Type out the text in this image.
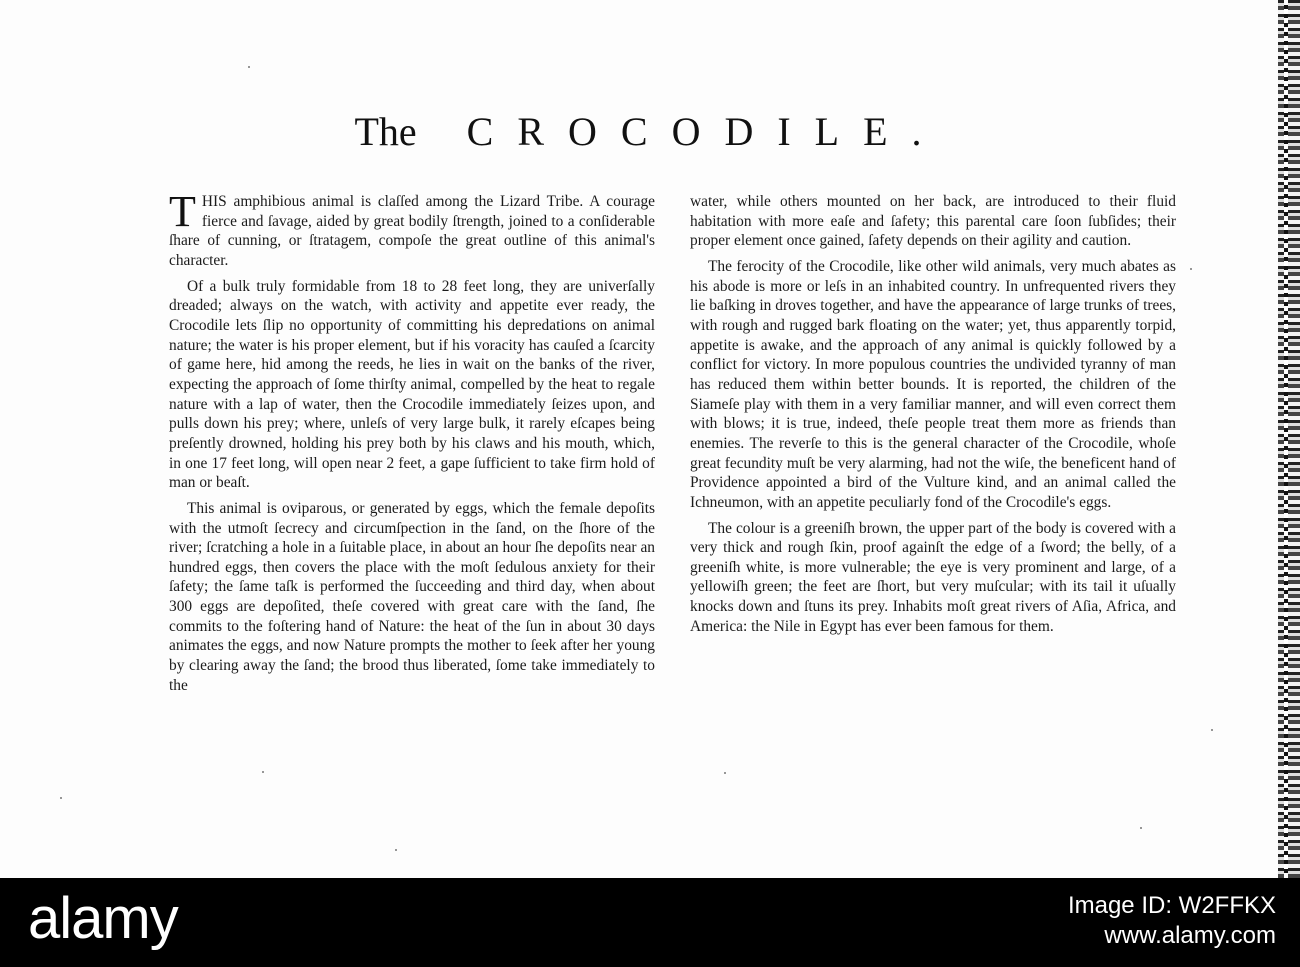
The CROCODILE.

THIS amphibious animal is claſſed among the Lizard Tribe. A courage fierce and ſavage, aided by great bodily ſtrength, joined to a conſiderable ſhare of cunning, or ſtratagem, compoſe the great outline of this animal's character.

Of a bulk truly formidable from 18 to 28 feet long, they are univerſally dreaded; always on the watch, with activity and appetite ever ready, the Crocodile lets ſlip no opportunity of committing his depredations on animal nature; the water is his proper element, but if his voracity has cauſed a ſcarcity of game here, hid among the reeds, he lies in wait on the banks of the river, expecting the approach of ſome thirſty animal, compelled by the heat to regale nature with a lap of water, then the Crocodile immediately ſeizes upon, and pulls down his prey; where, unleſs of very large bulk, it rarely eſcapes being preſently drowned, holding his prey both by his claws and his mouth, which, in one 17 feet long, will open near 2 feet, a gape ſufficient to take firm hold of man or beaſt.

This animal is oviparous, or generated by eggs, which the female depoſits with the utmoſt ſecrecy and circumſpection in the ſand, on the ſhore of the river; ſcratching a hole in a ſuitable place, in about an hour ſhe depoſits near an hundred eggs, then covers the place with the moſt ſedulous anxiety for their ſafety; the ſame taſk is performed the ſucceeding and third day, when about 300 eggs are depoſited, theſe covered with great care with the ſand, ſhe commits to the foſtering hand of Nature: the heat of the ſun in about 30 days animates the eggs, and now Nature prompts the mother to ſeek after her young by clearing away the ſand; the brood thus liberated, ſome take immediately to the

water, while others mounted on her back, are introduced to their fluid habitation with more eaſe and ſafety; this parental care ſoon ſubſides; their proper element once gained, ſafety depends on their agility and caution.

The ferocity of the Crocodile, like other wild animals, very much abates as his abode is more or leſs in an inhabited country. In unfrequented rivers they lie baſking in droves together, and have the appearance of large trunks of trees, with rough and rugged bark floating on the water; yet, thus apparently torpid, appetite is awake, and the approach of any animal is quickly followed by a conflict for victory. In more populous countries the undivided tyranny of man has reduced them within better bounds. It is reported, the children of the Siameſe play with them in a very familiar manner, and will even correct them with blows; it is true, indeed, theſe people treat them more as friends than enemies. The reverſe to this is the general character of the Crocodile, whoſe great fecundity muſt be very alarming, had not the wiſe, the beneficent hand of Providence appointed a bird of the Vulture kind, and an animal called the Ichneumon, with an appetite peculiarly fond of the Crocodile's eggs.

The colour is a greeniſh brown, the upper part of the body is covered with a very thick and rough ſkin, proof againſt the edge of a ſword; the belly, of a greeniſh white, is more vulnerable; the eye is very prominent and large, of a yellowiſh green; the feet are ſhort, but very muſcular; with its tail it uſually knocks down and ſtuns its prey. Inhabits moſt great rivers of Aſia, Africa, and America: the Nile in Egypt has ever been famous for them.

alamy	Image ID: W2FFKX
www.alamy.com
